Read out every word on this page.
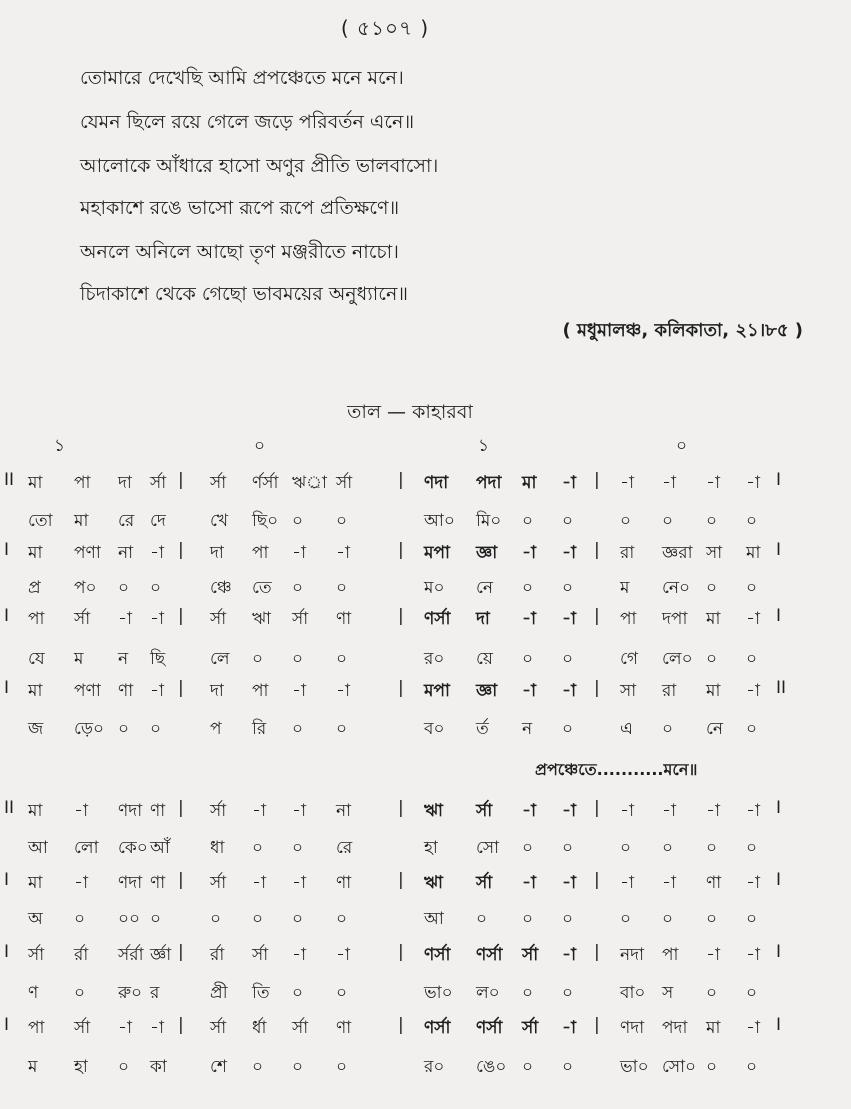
( ৫১০৭ )
তোমারে দেখেছি আমি প্রপঞ্চেতে মনে মনে।
যেমন ছিলে রয়ে গেলে জড়ে পরিবর্তন এনে॥
আলোকে আঁধারে হাসো অণুর প্রীতি ভালবাসো।
মহাকাশে রঙে ভাসো রূপে রূপে প্রতিক্ষণে॥
অনলে অনিলে আছো তৃণ মঞ্জরীতে নাচো।
চিদাকাশে থেকে গেছো ভাবময়ের অনুধ্যানে॥
( মধুমালঞ্চ, কলিকাতা, ২১।৮৫ )
তাল — কাহারবা
১	০	১	০
II মা পা দা র্সা | র্সা র্ণর্সা ঋর্া র্সা	| ণদা পদা মা -া | -া -া -া -া I
তো মা রে দে	খে ছি০ ০ ০	আ০ মি০ ০ ০	০ ০ ০ ০
I মা পণা না -া | দা পা -া -া	| মপা জ্ঞা -া -া | রা জ্ঞরা সা মা I
প্র প০ ০ ০	ঞ্চে তে ০ ০	ম০ নে ০ ০	ম নে০ ০ ০
I পা র্সা -া -া | র্সা ঋা র্সা ণা	| ণর্সা দা -া -া | পা দপা মা -া I
যে ম ন ছি	লে ০ ০ ০	র০ য়ে ০ ০	গে লে০ ০ ০
I মা পণা ণা -া | দা পা -া -া	| মপা জ্ঞা -া -া | সা রা মা -া II
জ ড়ে০ ০ ০	প রি ০ ০	ব০ র্ত ন ০	এ ০ নে ০
II মা -া ণদা ণা | র্সা -া -া না	| ঋা র্সা -া -া | -া -া -া -া I
আ লো কে০ আঁ ধা ০ ০ রে	হা সো ০ ০	০ ০ ০ ০
I মা -া ণদা ণা | র্সা -া -া ণা	| ঋা র্সা -া -া | -া -া ণা -া I
অ ০ ০০ ০	০ ০ ০ ০	আ ০ ০ ০	০ ০ ০ ০
I র্সা র্রা র্সর্রা র্জ্ঞা | র্রা র্সা -া -া	| ণর্সা ণর্সা র্সা -া | নদা পা -া -া I
ণ ০ রু০ র	প্রী তি ০ ০	ভা০ ল০ ০ ০	বা০ স ০ ০
I পা র্সা -া -া | র্সা র্ধা র্সা ণা	| ণর্সা ণর্সা র্সা -া | ণদা পদা মা -া I
ম হা ০ কা	শে ০ ০ ০	র০ ঙে০ ০ ০	ভা০ সো০ ০ ০
প্রপঞ্চেতে...........মনে॥
